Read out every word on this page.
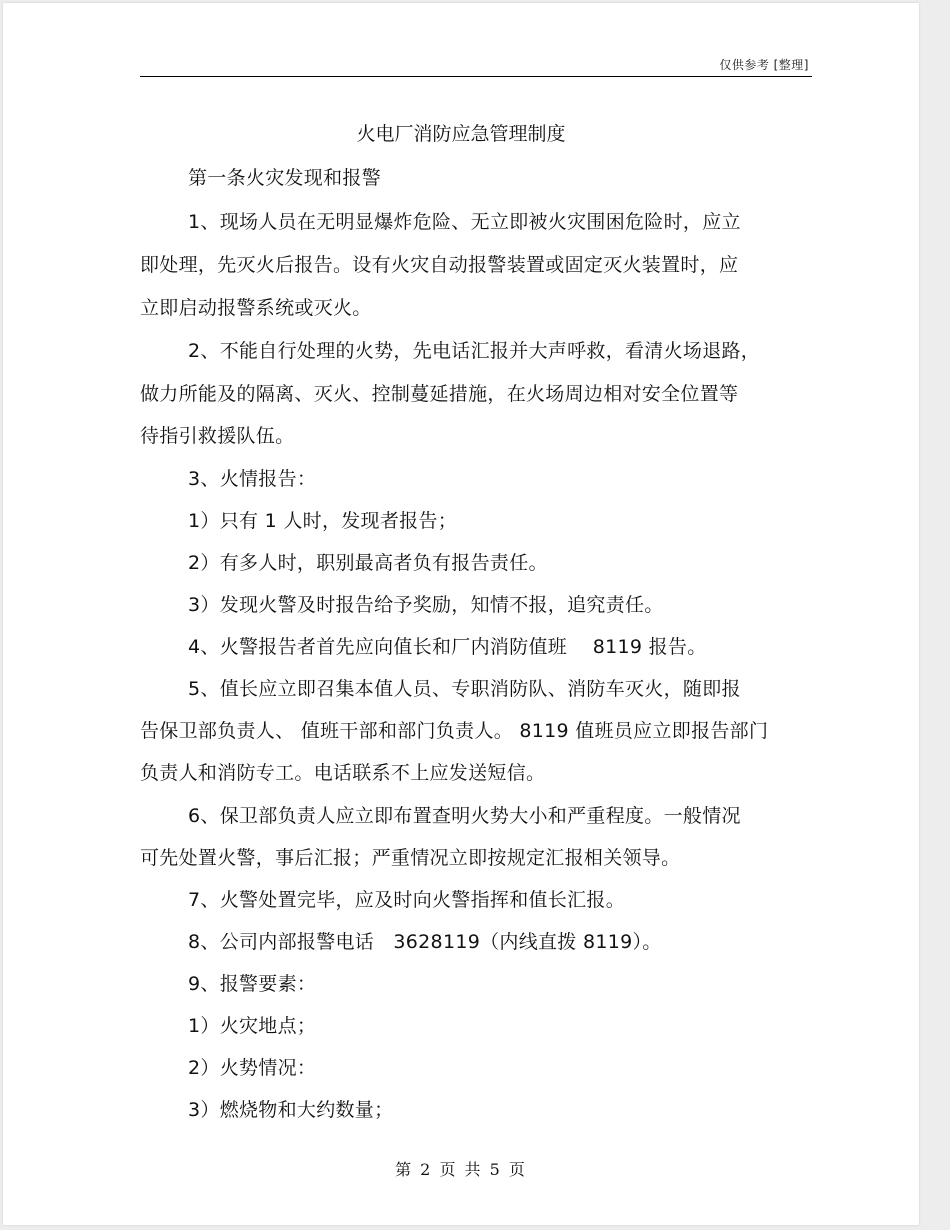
仅供参考 [整理]
火电厂消防应急管理制度
第一条火灾发现和报警
1、现场人员在无明显爆炸危险、无立即被火灾围困危险时，应立
即处理，先灭火后报告。设有火灾自动报警装置或固定灭火装置时，应
立即启动报警系统或灭火。
2、不能自行处理的火势，先电话汇报并大声呼救，看清火场退路，
做力所能及的隔离、灭火、控制蔓延措施，在火场周边相对安全位置等
待指引救援队伍。
3、火情报告：
1）只有 1 人时，发现者报告；
2）有多人时，职别最高者负有报告责任。
3）发现火警及时报告给予奖励，知情不报，追究责任。
4、火警报告者首先应向值长和厂内消防值班　 8119 报告。
5、值长应立即召集本值人员、专职消防队、消防车灭火，随即报
告保卫部负责人、 值班干部和部门负责人。 8119 值班员应立即报告部门
负责人和消防专工。电话联系不上应发送短信。
6、保卫部负责人应立即布置查明火势大小和严重程度。一般情况
可先处置火警，事后汇报；严重情况立即按规定汇报相关领导。
7、火警处置完毕，应及时向火警指挥和值长汇报。
8、公司内部报警电话　3628119（内线直拨 8119）。
9、报警要素：
1）火灾地点；
2）火势情况：
3）燃烧物和大约数量；
第 2 页 共 5 页
